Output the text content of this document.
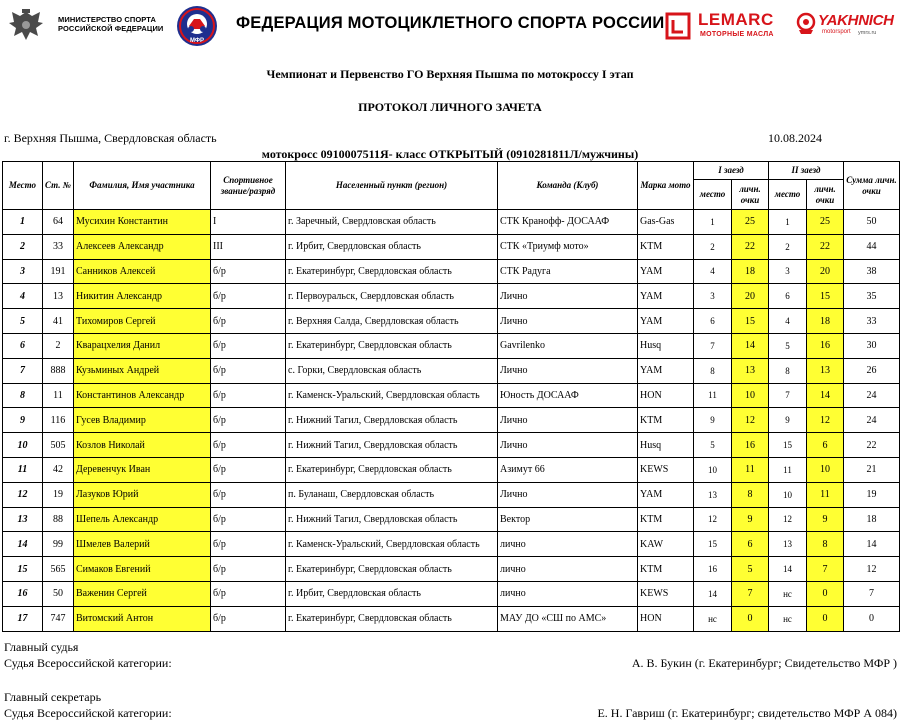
МИНИСТЕРСТВО СПОРТА
РОССИЙСКОЙ ФЕДЕРАЦИИ
МФР
ФЕДЕРАЦИЯ МОТОЦИКЛЕТНОГО СПОРТА РОССИИ LEMARC
МОТОРНЫЕ МАСЛА
YAKHNICH
motorsport ymrs.ru
Чемпионат и Первенство ГО Верхняя Пышма по мотокроссу I этап
ПРОТОКОЛ ЛИЧНОГО ЗАЧЕТА
г. Верхняя Пышма, Свердловская область	10.08.2024
мотокросс 0910007511Я- класс ОТКРЫТЫЙ (0910281811Л/мужчины)
Место	Ст. №	Фамилия, Имя участника	Спортивное звание/разряд	Населенный пункт (регион)	Команда (Клуб)	Марка мото	I заезд		II заезд		Сумма личн. очки
							место	личн. очки	место	личн. очки	
1	64	Мусихин Константин	I	г. Заречный, Свердловская область	СТК Кранофф- ДОСААФ	Gas-Gas	1	25	1	25	50
2	33	Алексеев Александр	III	г. Ирбит, Свердловская область	СТК «Триумф мото»	KTM	2	22	2	22	44
3	191	Санников Алексей	б/р	г. Екатеринбург, Свердловская область	СТК Радуга	YAM	4	18	3	20	38
4	13	Никитин Александр	б/р	г. Первоуральск, Свердловская область	Лично	YAM	3	20	6	15	35
5	41	Тихомиров Сергей	б/р	г. Верхняя Салда, Свердловская область	Лично	YAM	6	15	4	18	33
6	2	Кварацхелия Данил	б/р	г. Екатеринбург, Свердловская область	Gavrilenko	Husq	7	14	5	16	30
7	888	Кузьминых Андрей	б/р	с. Горки, Свердловская область	Лично	YAM	8	13	8	13	26
8	11	Константинов Александр	б/р	г. Каменск-Уральский, Свердловская область	Юность ДОСААФ	HON	11	10	7	14	24
9	116	Гусев Владимир	б/р	г. Нижний Тагил, Свердловская область	Лично	KTM	9	12	9	12	24
10	505	Козлов Николай	б/р	г. Нижний Тагил, Свердловская область	Лично	Husq	5	16	15	6	22
11	42	Деревенчук Иван	б/р	г. Екатеринбург, Свердловская область	Азимут 66	KEWS	10	11	11	10	21
12	19	Лазуков Юрий	б/р	п. Буланаш, Свердловская область	Лично	YAM	13	8	10	11	19
13	88	Шепель Александр	б/р	г. Нижний Тагил, Свердловская область	Вектор	KTM	12	9	12	9	18
14	99	Шмелев Валерий	б/р	г. Каменск-Уральский, Свердловская область	лично	KAW	15	6	13	8	14
15	565	Симаков Евгений	б/р	г. Екатеринбург, Свердловская область	лично	KTM	16	5	14	7	12
16	50	Важенин Сергей	б/р	г. Ирбит, Свердловская область	лично	KEWS	14	7	нс	0	7
17	747	Витомский Антон	б/р	г. Екатеринбург, Свердловская область	МАУ ДО «СШ по АМС»	HON	нс	0	нс	0	0
Главный судья
Судья Всероссийской категории:	А. В. Букин (г. Екатеринбург; Свидетельство МФР )
Главный секретарь
Судья Всероссийской категории:	Е. Н. Гавриш (г. Екатеринбург; свидетельство МФР А 084)
